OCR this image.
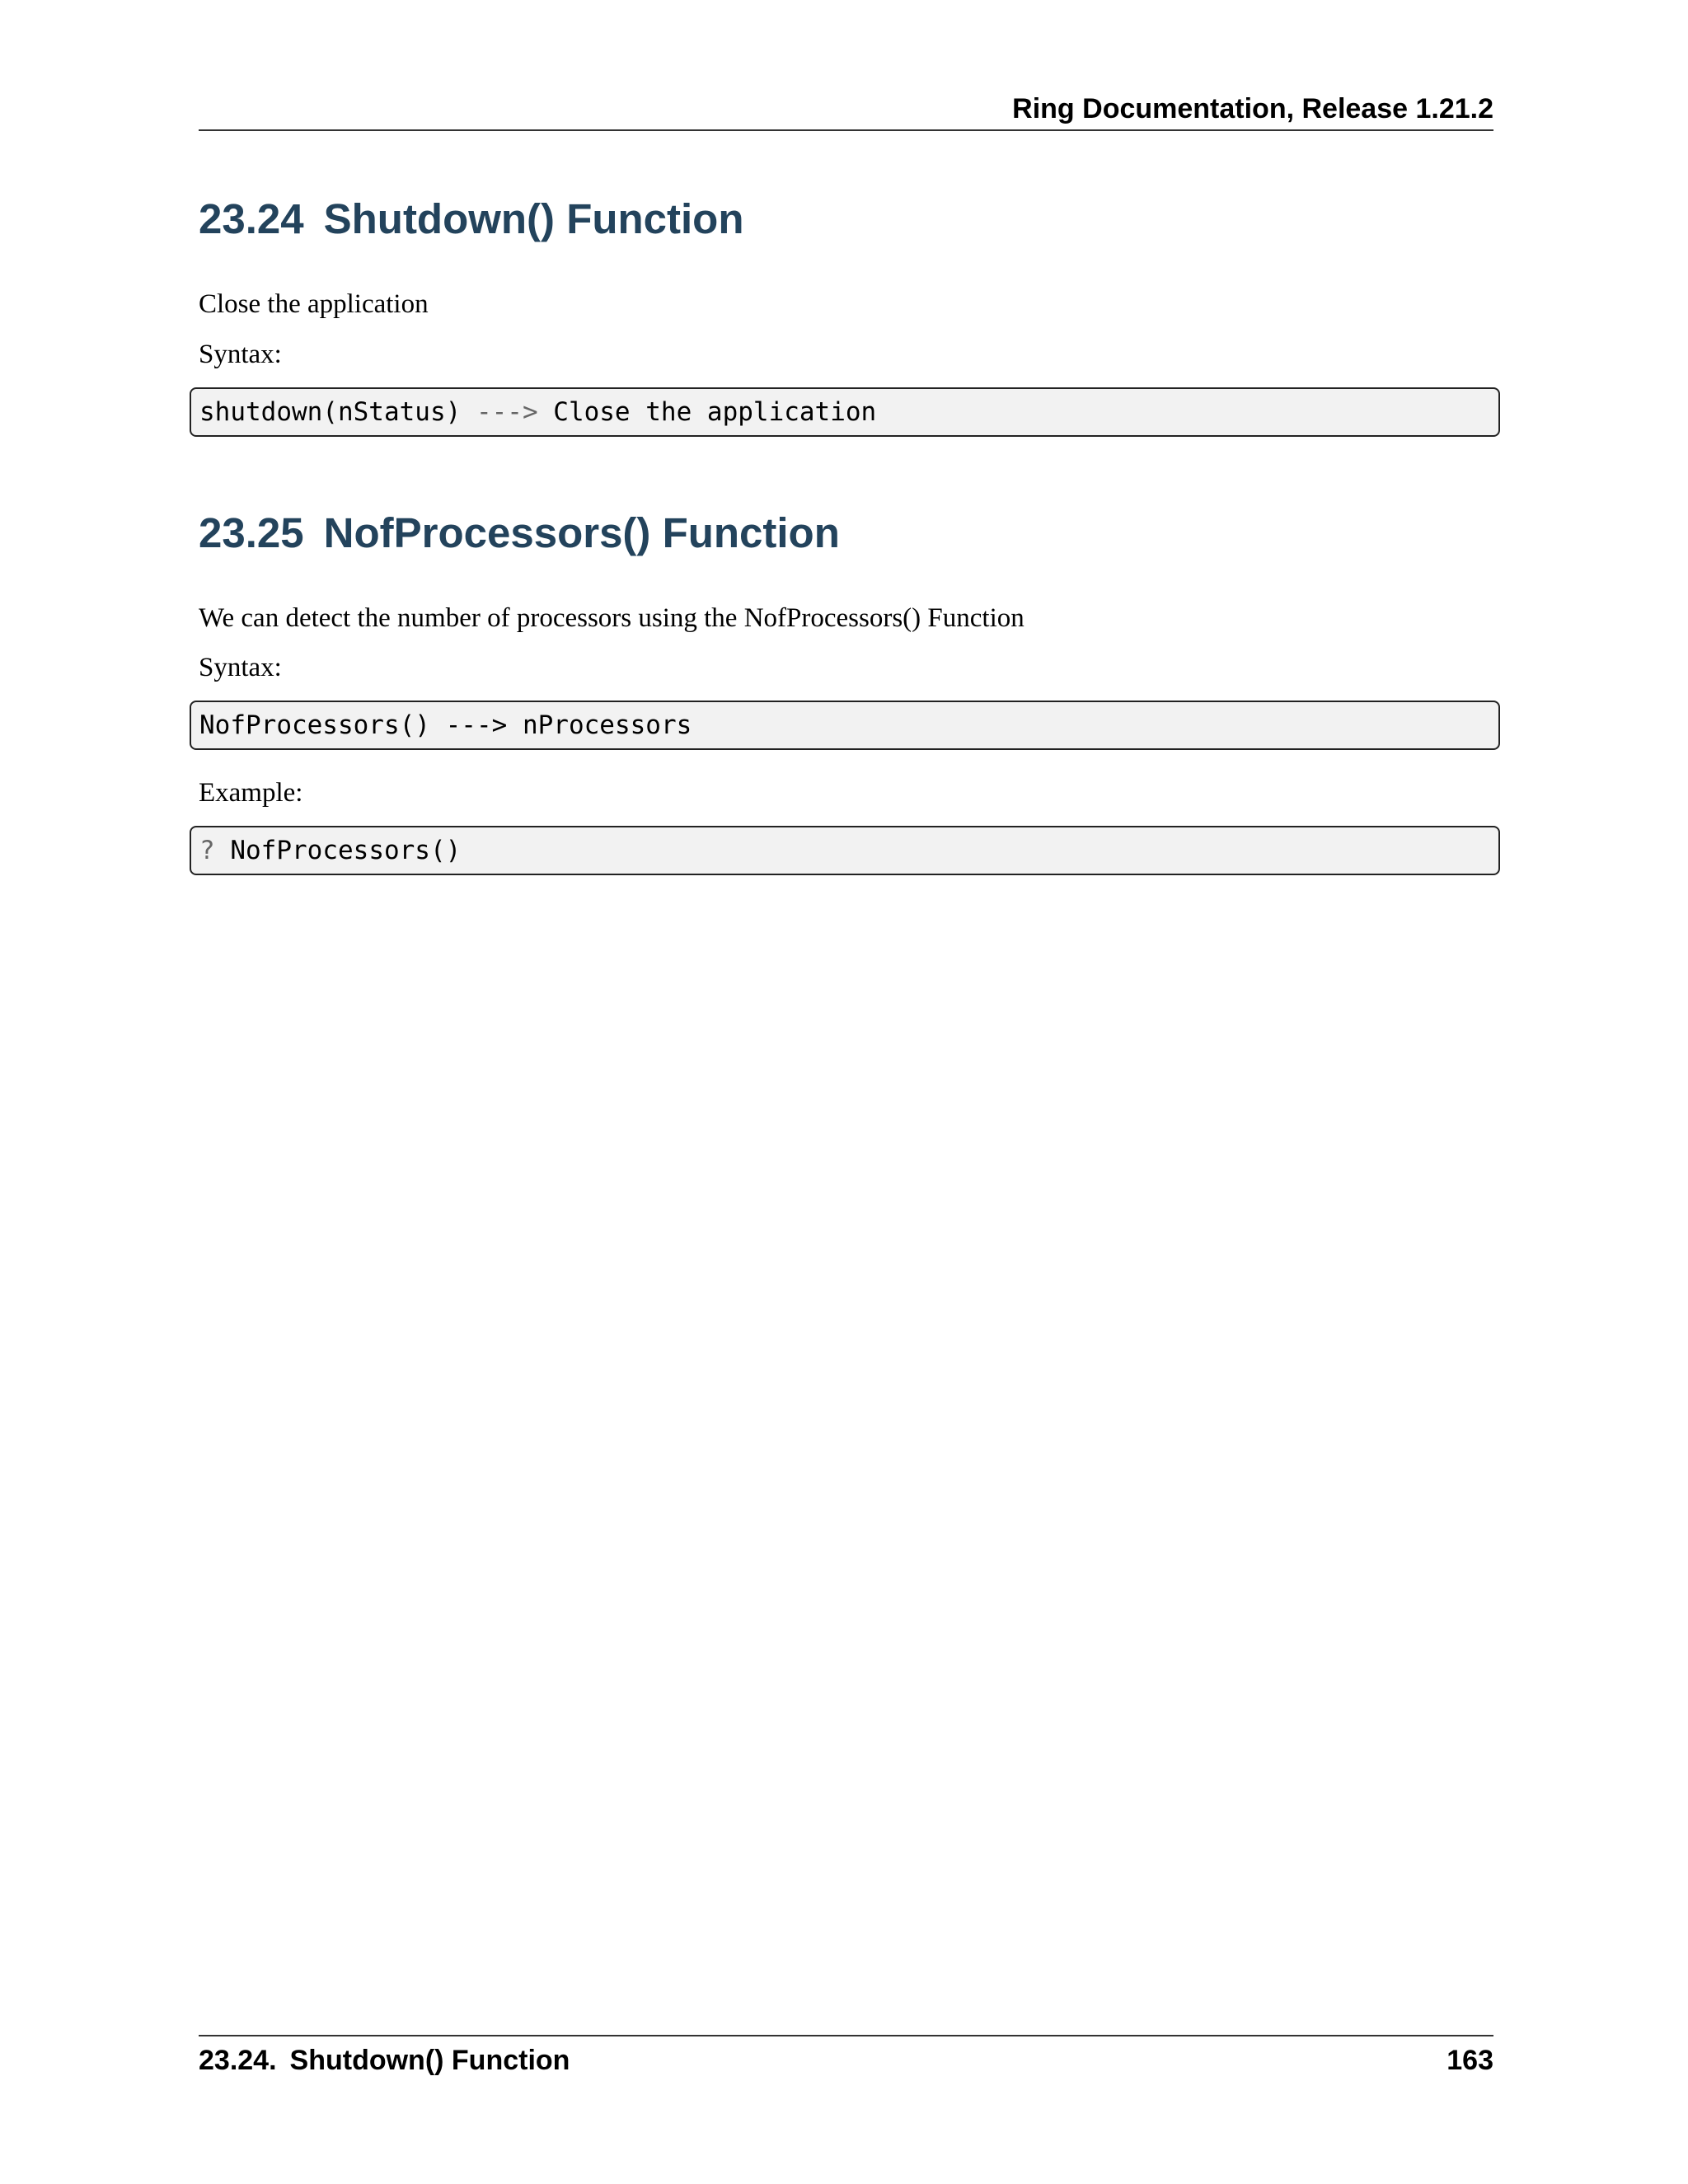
Ring Documentation, Release 1.21.2
23.24 Shutdown() Function

Close the application

Syntax:

shutdown(nStatus) ---> Close the application
23.25 NofProcessors() Function

We can detect the number of processors using the NofProcessors() Function

Syntax:

NofProcessors() ---> nProcessors

Example:

? NofProcessors()
23.24. Shutdown() Function	163
